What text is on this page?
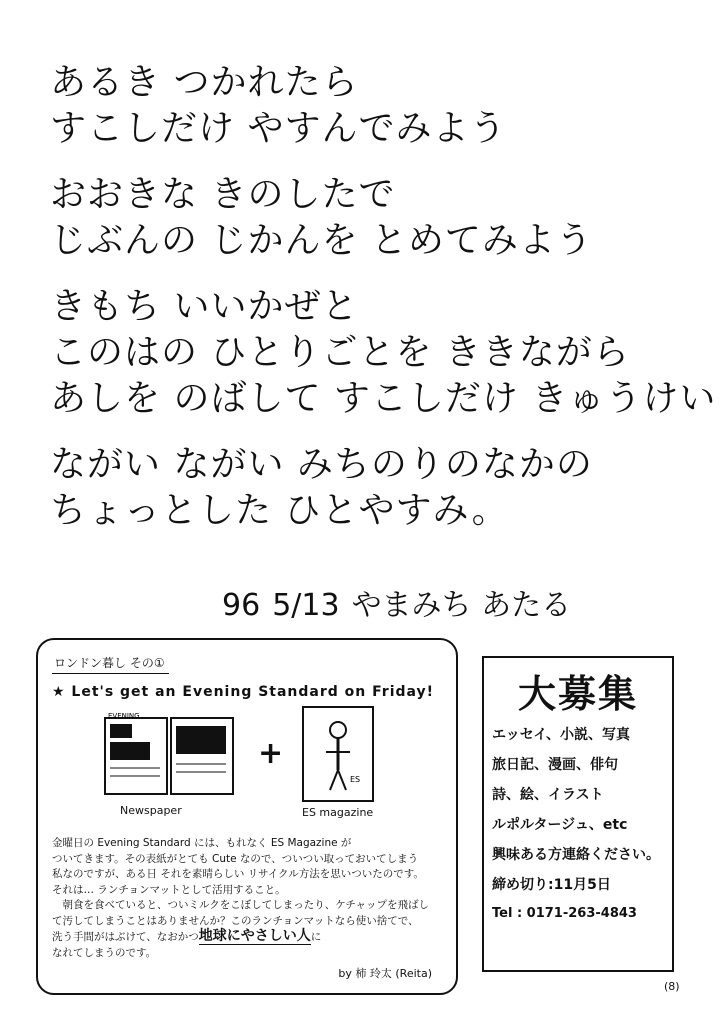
あるき つかれたら
すこしだけ やすんでみよう
おおきな きのしたで
じぶんの じかんを とめてみよう
きもち いいかぜと
このはの ひとりごとを ききながら
あしを のばして すこしだけ きゅうけい
ながい ながい みちのりのなかの
ちょっとした ひとやすみ。
96 5/13 やまみち あたる
ロンドン暮し その①
★ Let's get an Evening Standard on Friday!
EVENING
+
ES
Newspaper	ES magazine

金曜日の Evening Standard には、もれなく ES Magazine が

ついてきます。その表紙がとても Cute なので、ついつい取っておいてしまう

私なのですが、ある日 それを素晴らしい リサイクル方法を思いついたのです。

それは… ランチョンマットとして活用すること。

　朝食を食べていると、ついミルクをこぼしてしまったり、ケチャップを飛ばし

て汚してしまうことはありませんか？このランチョンマットなら使い捨てで、

洗う手間がはぶけて、なおかつ地球にやさしい人に

なれてしまうのです。

by 柿 玲太 (Reita)
大募集
エッセイ、小説、写真
旅日記、漫画、俳句
詩、絵、イラスト
ルポルタージュ、etc
興味ある方連絡ください。
締め切り:11月5日
Tel : 0171-263-4843
(8)
